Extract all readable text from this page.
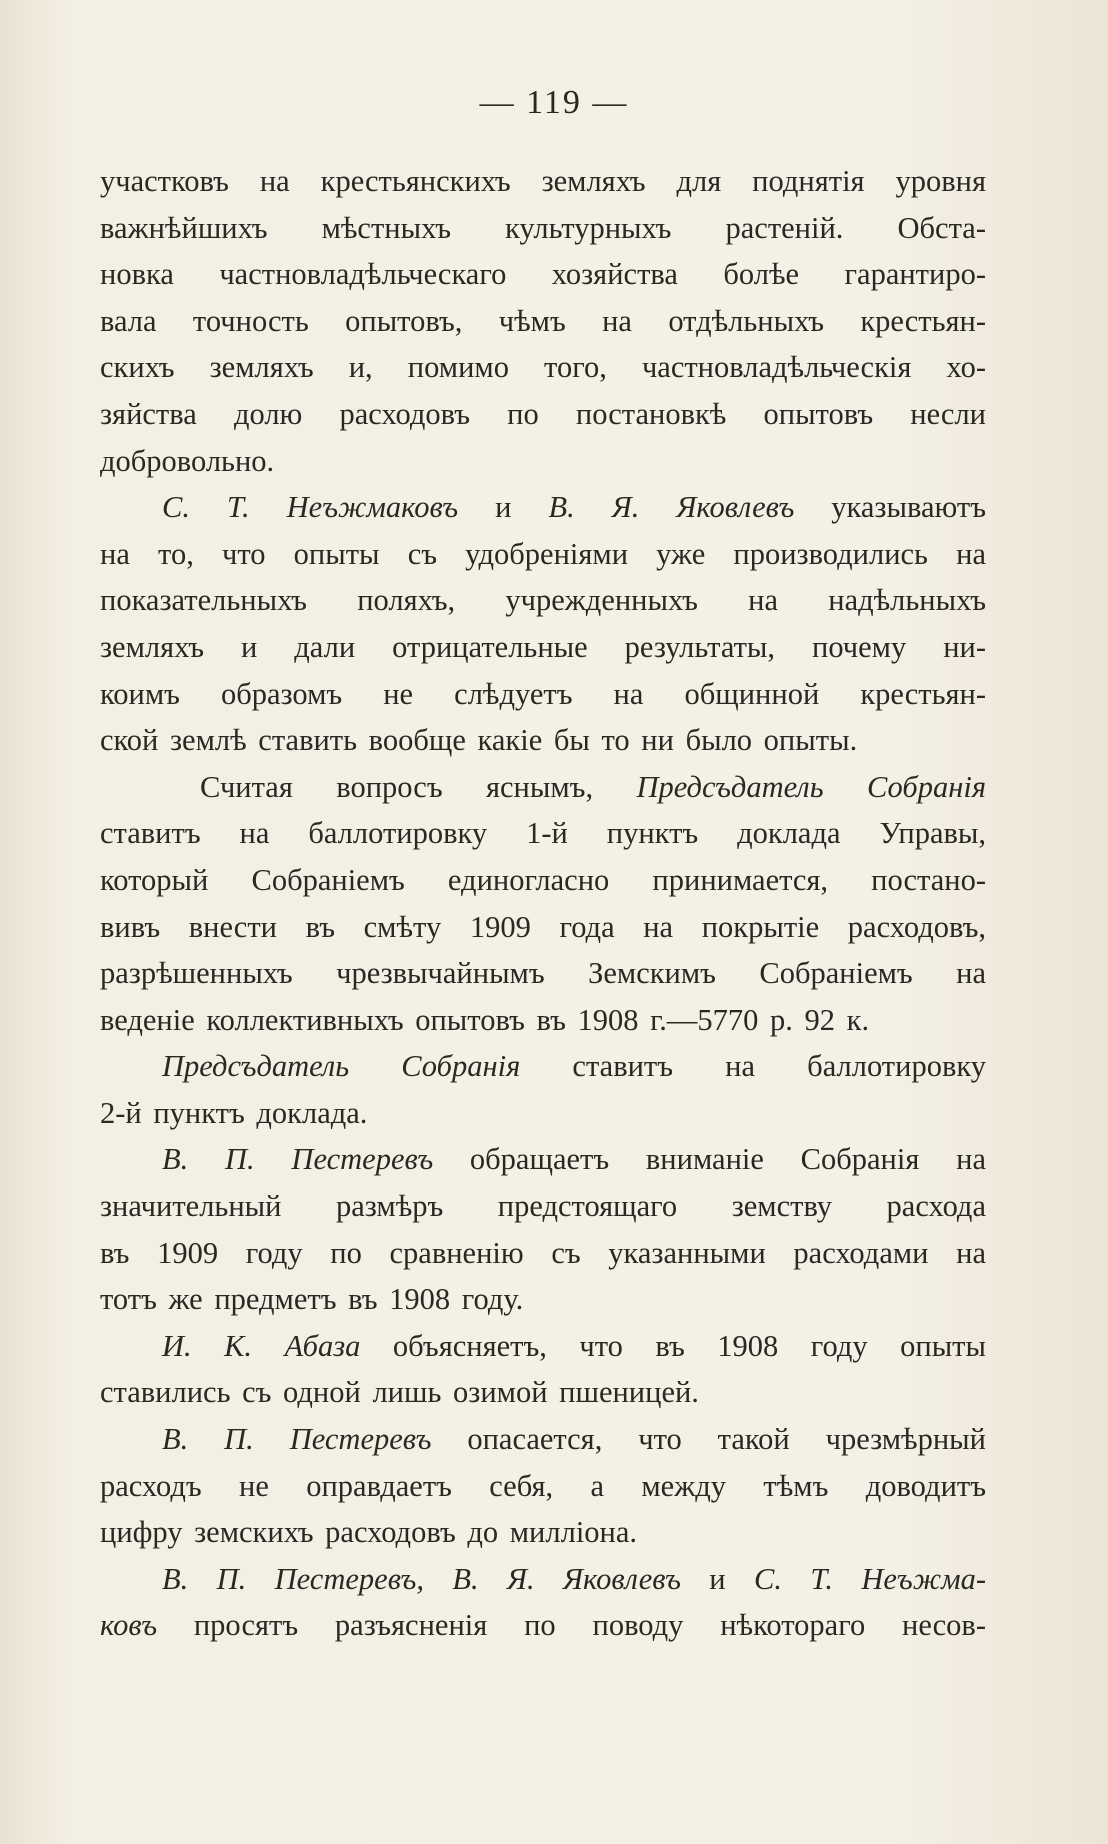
— 119 —
участковъ на крестьянскихъ земляхъ для поднятія уровня
важнѣйшихъ мѣстныхъ культурныхъ растеній. Обста-
новка частновладѣльческаго хозяйства болѣе гарантиро-
вала точность опытовъ, чѣмъ на отдѣльныхъ крестьян-
скихъ земляхъ и, помимо того, частновладѣльческія хо-
зяйства долю расходовъ по постановкѣ опытовъ несли
добровольно.
С. Т. Неъжмаковъ и В. Я. Яковлевъ указываютъ
на то, что опыты съ удобреніями уже производились на
показательныхъ поляхъ, учрежденныхъ на надѣльныхъ
земляхъ и дали отрицательные результаты, почему ни-
коимъ образомъ не слѣдуетъ на общинной крестьян-
ской землѣ ставить вообще какіе бы то ни было опыты.
Считая вопросъ яснымъ, Предсъдатель Собранія
ставитъ на баллотировку 1-й пунктъ доклада Управы,
который Собраніемъ единогласно принимается, постано-
вивъ внести въ смѣту 1909 года на покрытіе расходовъ,
разрѣшенныхъ чрезвычайнымъ Земскимъ Собраніемъ на
веденіе коллективныхъ опытовъ въ 1908 г.—5770 р. 92 к.
Предсъдатель Собранія ставитъ на баллотировку
2-й пунктъ доклада.
В. П. Пестеревъ обращаетъ вниманіе Собранія на
значительный размѣръ предстоящаго земству расхода
въ 1909 году по сравненію съ указанными расходами на
тотъ же предметъ въ 1908 году.
И. К. Абаза объясняетъ, что въ 1908 году опыты
ставились съ одной лишь озимой пшеницей.
В. П. Пестеревъ опасается, что такой чрезмѣрный
расходъ не оправдаетъ себя, а между тѣмъ доводитъ
цифру земскихъ расходовъ до милліона.
В. П. Пестеревъ, В. Я. Яковлевъ и С. Т. Неъжма-
ковъ просятъ разъясненія по поводу нѣкотораго несов-
